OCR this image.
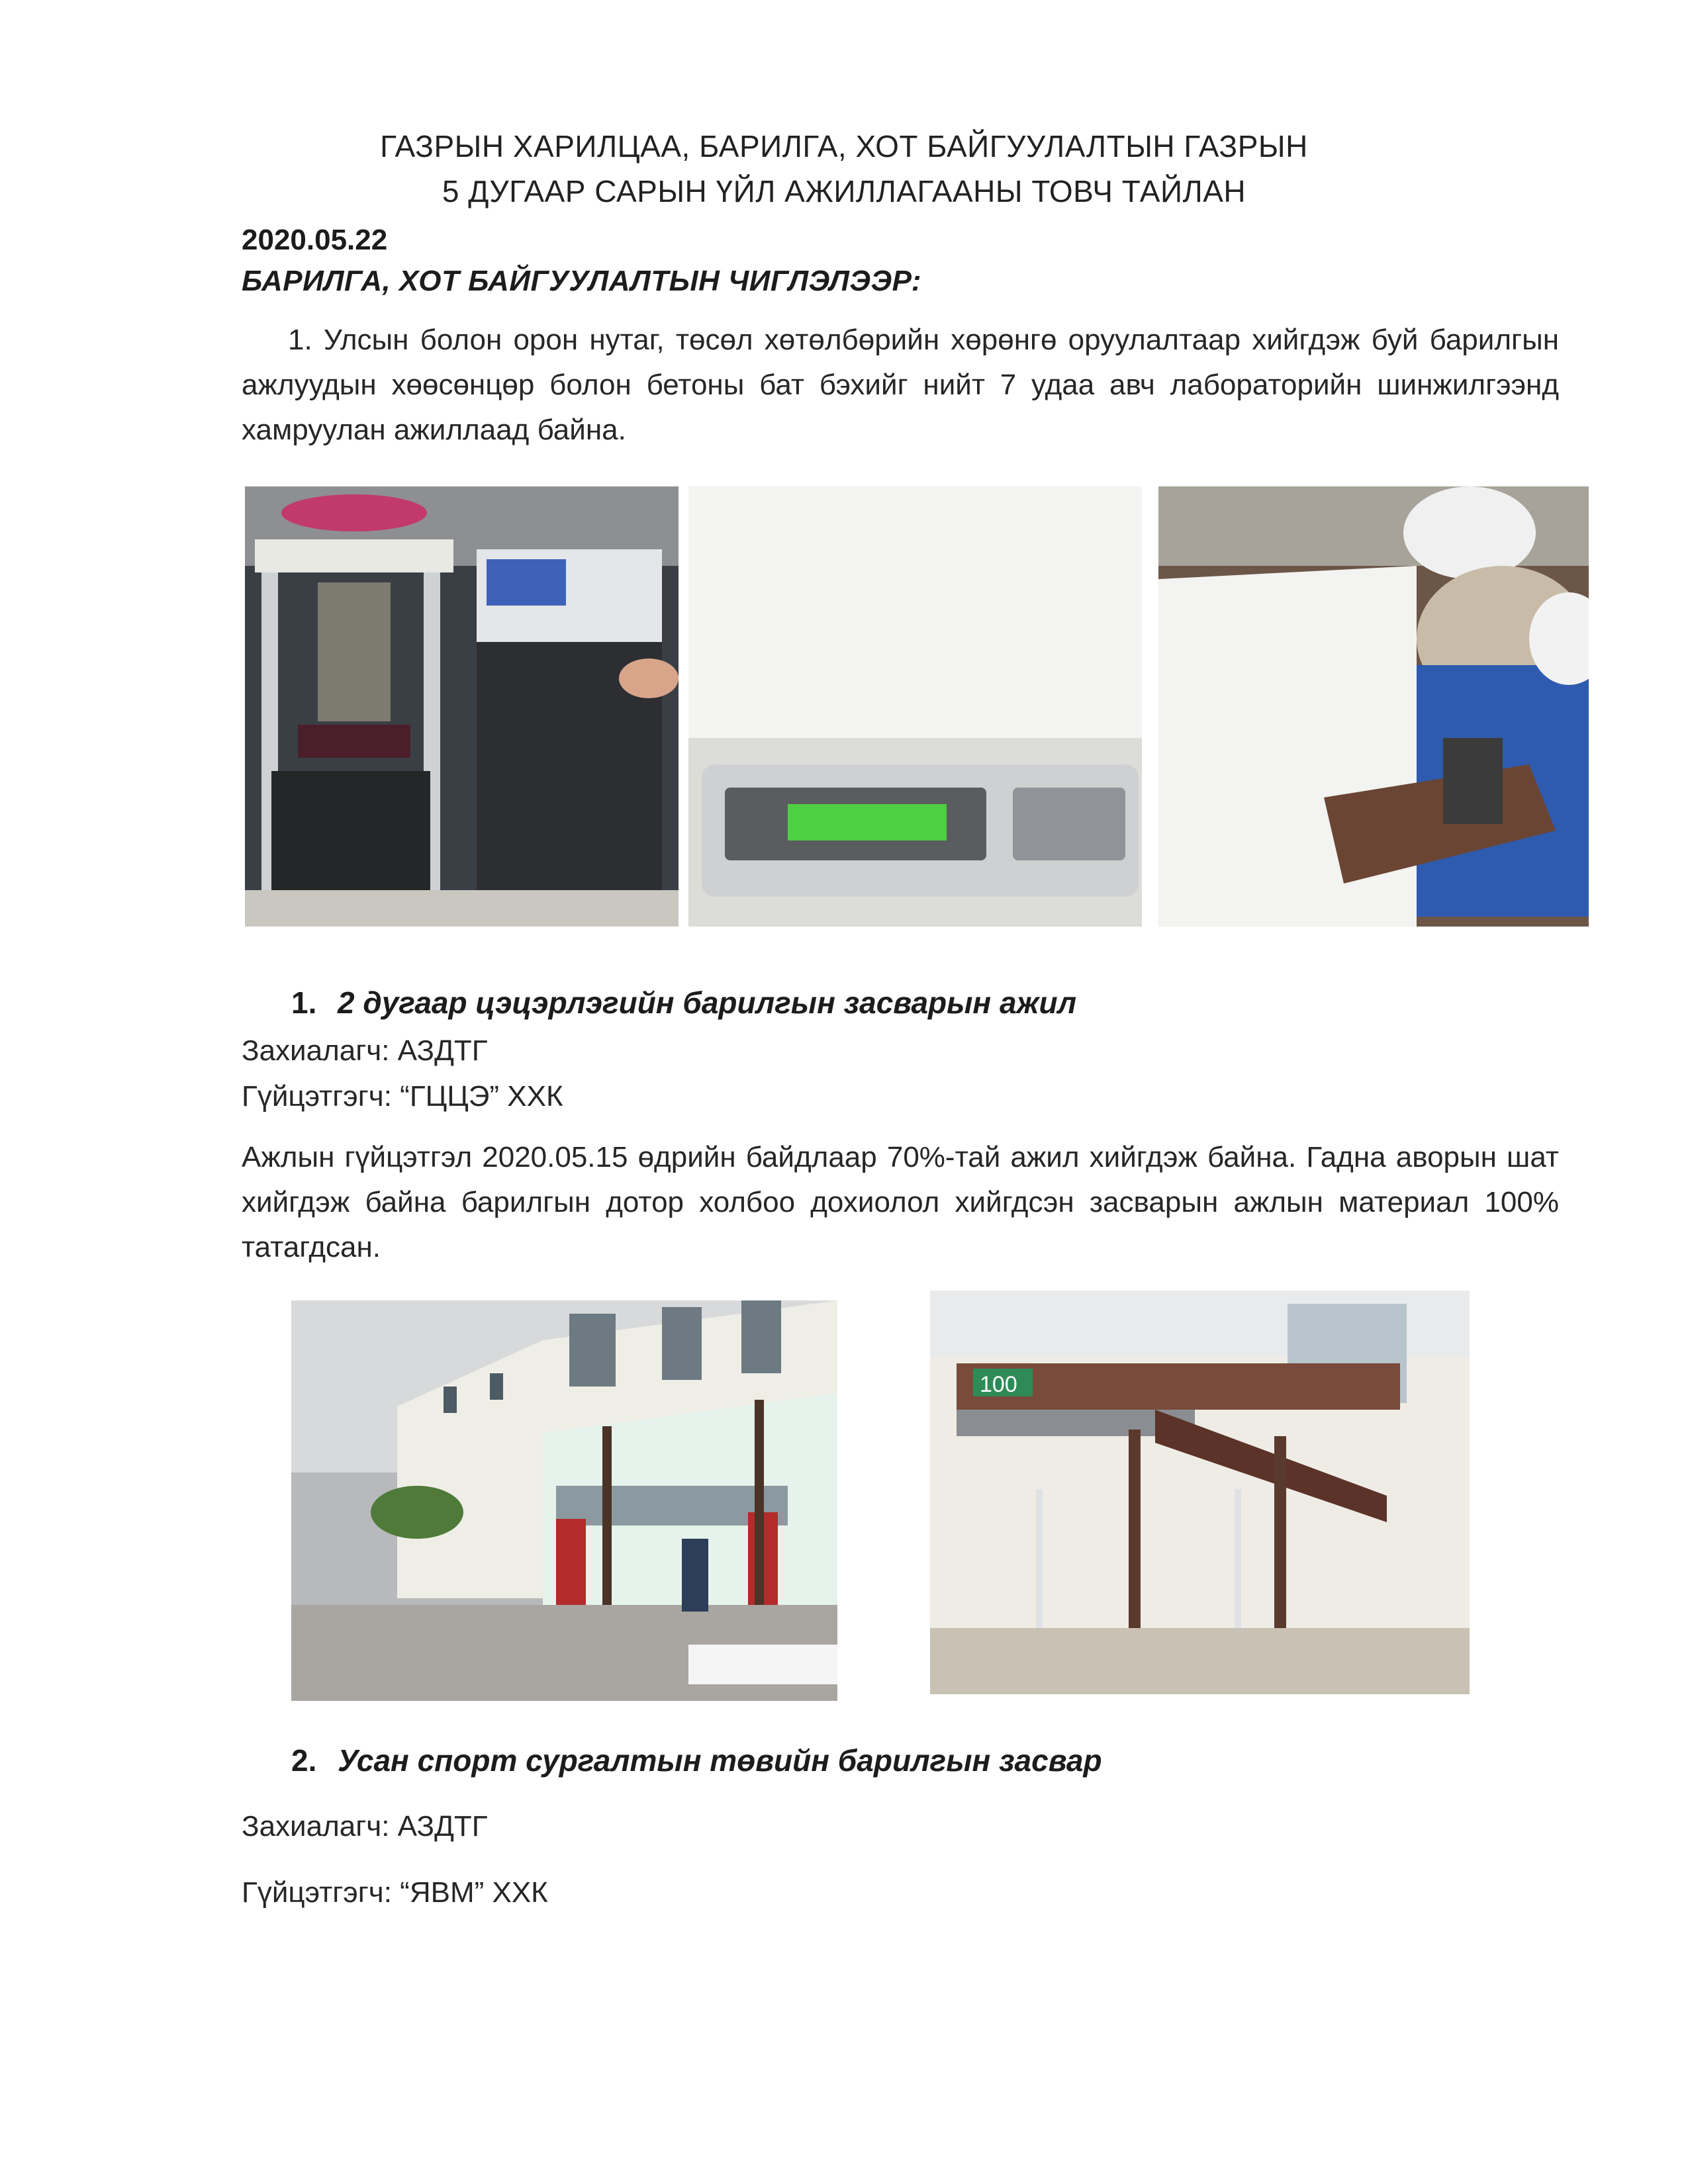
ГАЗРЫН ХАРИЛЦАА, БАРИЛГА, ХОТ БАЙГУУЛАЛТЫН ГАЗРЫН
5 ДУГААР САРЫН ҮЙЛ АЖИЛЛАГААНЫ ТОВЧ ТАЙЛАН
2020.05.22
БАРИЛГА, ХОТ БАЙГУУЛАЛТЫН ЧИГЛЭЛЭЭР:
1. Улсын болон орон нутаг, төсөл хөтөлбөрийн хөрөнгө оруулалтаар хийгдэж буй барилгын ажлуудын хөөсөнцөр болон бетоны бат бэхийг нийт 7 удаа авч лабораторийн шинжилгээнд хамруулан ажиллаад байна.
1. 2 дугаар цэцэрлэгийн барилгын засварын ажил
Захиалагч: АЗДТГ
Гүйцэтгэгч: “ГЦЦЭ” ХХК
Ажлын гүйцэтгэл 2020.05.15 өдрийн байдлаар 70%-тай ажил хийгдэж байна. Гадна аворын шат хийгдэж байна барилгын дотор холбоо дохиолол хийгдсэн засварын ажлын материал 100% татагдсан.
100
2. Усан спорт сургалтын төвийн барилгын засвар
Захиалагч: АЗДТГ
Гүйцэтгэгч: “ЯВМ” ХХК
